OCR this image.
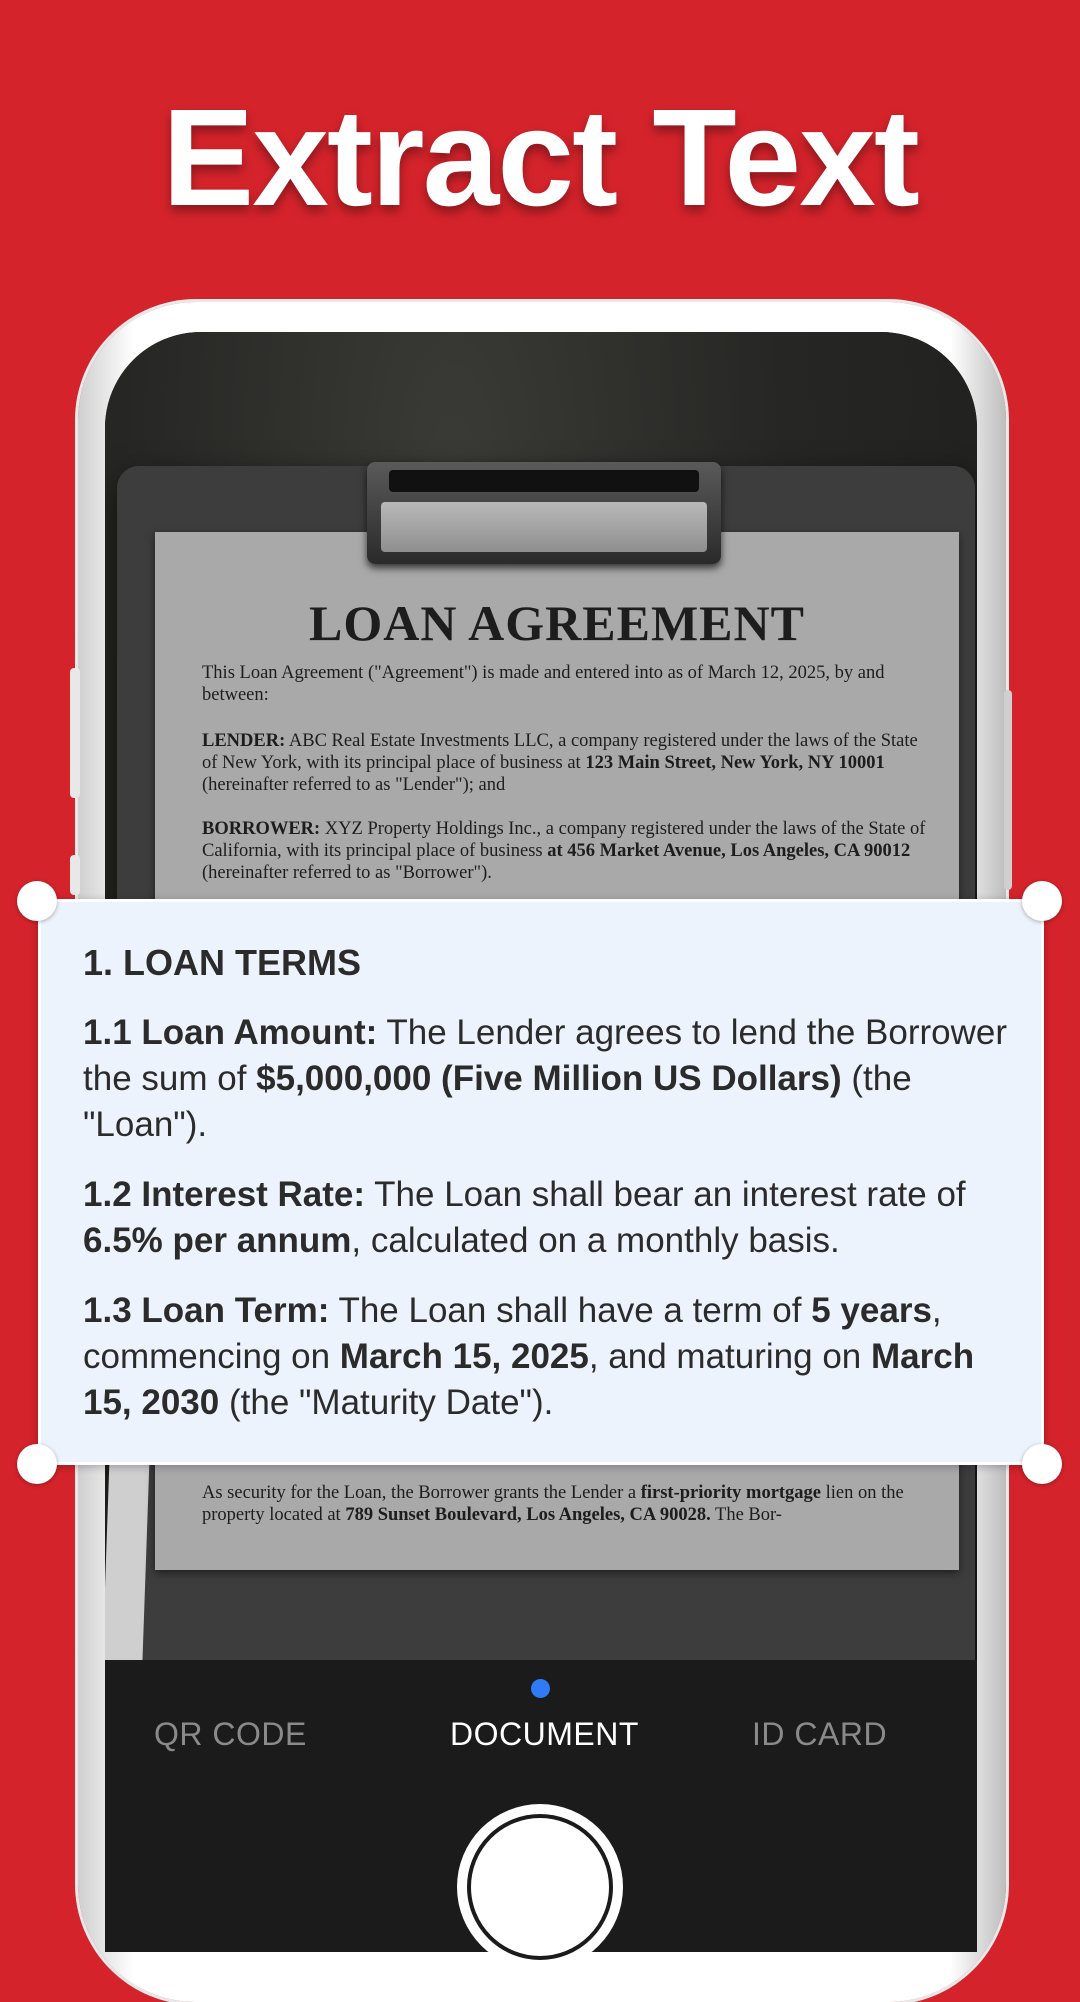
Extract Text
LOAN AGREEMENT
This Loan Agreement ("Agreement") is made and entered into as of March 12, 2025, by and between:
LENDER: ABC Real Estate Investments LLC, a company registered under the laws of the State of New York, with its principal place of business at 123 Main Street, New York, NY 10001 (hereinafter referred to as "Lender"); and
BORROWER: XYZ Property Holdings Inc., a company registered under the laws of the State of California, with its principal place of business at 456 Market Avenue, Los Angeles, CA 90012 (hereinafter referred to as "Borrower").
As security for the Loan, the Borrower grants the Lender a first-priority mortgage lien on the property located at 789 Sunset Boulevard, Los Angeles, CA 90028. The Bor-
1. LOAN TERMS
1.1 Loan Amount: The Lender agrees to lend the Borrower the sum of $5,000,000 (Five Million US Dollars) (the "Loan").
1.2 Interest Rate: The Loan shall bear an interest rate of 6.5% per annum, calculated on a monthly basis.
1.3 Loan Term: The Loan shall have a term of 5 years, commencing on March 15, 2025, and maturing on March 15, 2030 (the "Maturity Date").
QR CODE	DOCUMENT	ID CARD
